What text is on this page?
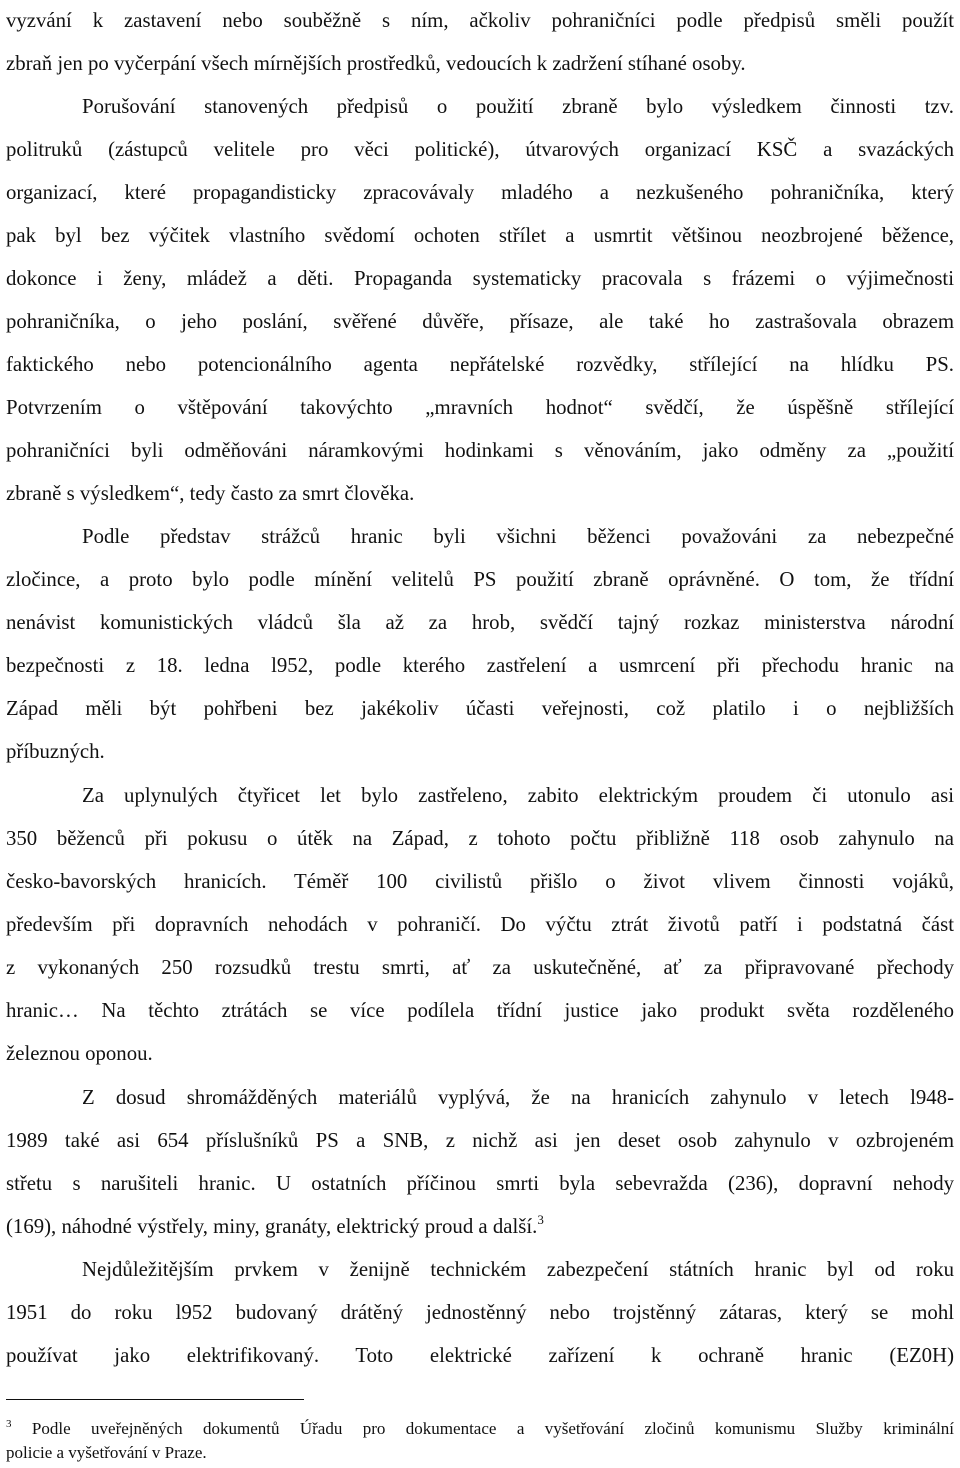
vyzvání k zastavení nebo souběžně s ním, ačkoliv pohraničníci podle předpisů směli použít
zbraň jen po vyčerpání všech mírnějších prostředků, vedoucích k zadržení stíhané osoby.
Porušování stanovených předpisů o použití zbraně bylo výsledkem činnosti tzv.
politruků (zástupců velitele pro věci politické), útvarových organizací KSČ a svazáckých
organizací, které propagandisticky zpracovávaly mladého a nezkušeného pohraničníka, který
pak byl bez výčitek vlastního svědomí ochoten střílet a usmrtit většinou neozbrojené běžence,
dokonce i ženy, mládež a děti. Propaganda systematicky pracovala s frázemi o výjimečnosti
pohraničníka, o jeho poslání, svěřené důvěře, přísaze, ale také ho zastrašovala obrazem
faktického nebo potencionálního agenta nepřátelské rozvědky, střílející na hlídku PS.
Potvrzením o vštěpování takovýchto „mravních hodnot“ svědčí, že úspěšně střílející
pohraničníci byli odměňováni náramkovými hodinkami s věnováním, jako odměny za „použití
zbraně s výsledkem“, tedy často za smrt člověka.
Podle představ strážců hranic byli všichni běženci považováni za nebezpečné
zločince, a proto bylo podle mínění velitelů PS použití zbraně oprávněné. O tom, že třídní
nenávist komunistických vládců šla až za hrob, svědčí tajný rozkaz ministerstva národní
bezpečnosti z 18. ledna l952, podle kterého zastřelení a usmrcení při přechodu hranic na
Západ měli být pohřbeni bez jakékoliv účasti veřejnosti, což platilo i o nejbližších
příbuzných.
Za uplynulých čtyřicet let bylo zastřeleno, zabito elektrickým proudem či utonulo asi
350 běženců při pokusu o útěk na Západ, z tohoto počtu přibližně 118 osob zahynulo na
česko-bavorských hranicích. Téměř 100 civilistů přišlo o život vlivem činnosti vojáků,
především při dopravních nehodách v pohraničí. Do výčtu ztrát životů patří i podstatná část
z vykonaných 250 rozsudků trestu smrti, ať za uskutečněné, ať za připravované přechody
hranic… Na těchto ztrátách se více podílela třídní justice jako produkt světa rozděleného
železnou oponou.
Z dosud shromážděných materiálů vyplývá, že na hranicích zahynulo v letech l948-
1989 také asi 654 příslušníků PS a SNB, z nichž asi jen deset osob zahynulo v ozbrojeném
střetu s narušiteli hranic. U ostatních příčinou smrti byla sebevražda (236), dopravní nehody
(169), náhodné výstřely, miny, granáty, elektrický proud a další.$^3$
Nejdůležitějším prvkem v ženijně technickém zabezpečení státních hranic byl od roku
1951 do roku l952 budovaný drátěný jednostěnný nebo trojstěnný zátaras, který se mohl
používat jako elektrifikovaný. Toto elektrické zařízení k ochraně hranic (EZ0H)
$^3$ Podle uveřejněných dokumentů Úřadu pro dokumentace a vyšetřování zločinů komunismu Služby kriminální
policie a vyšetřování v Praze.
